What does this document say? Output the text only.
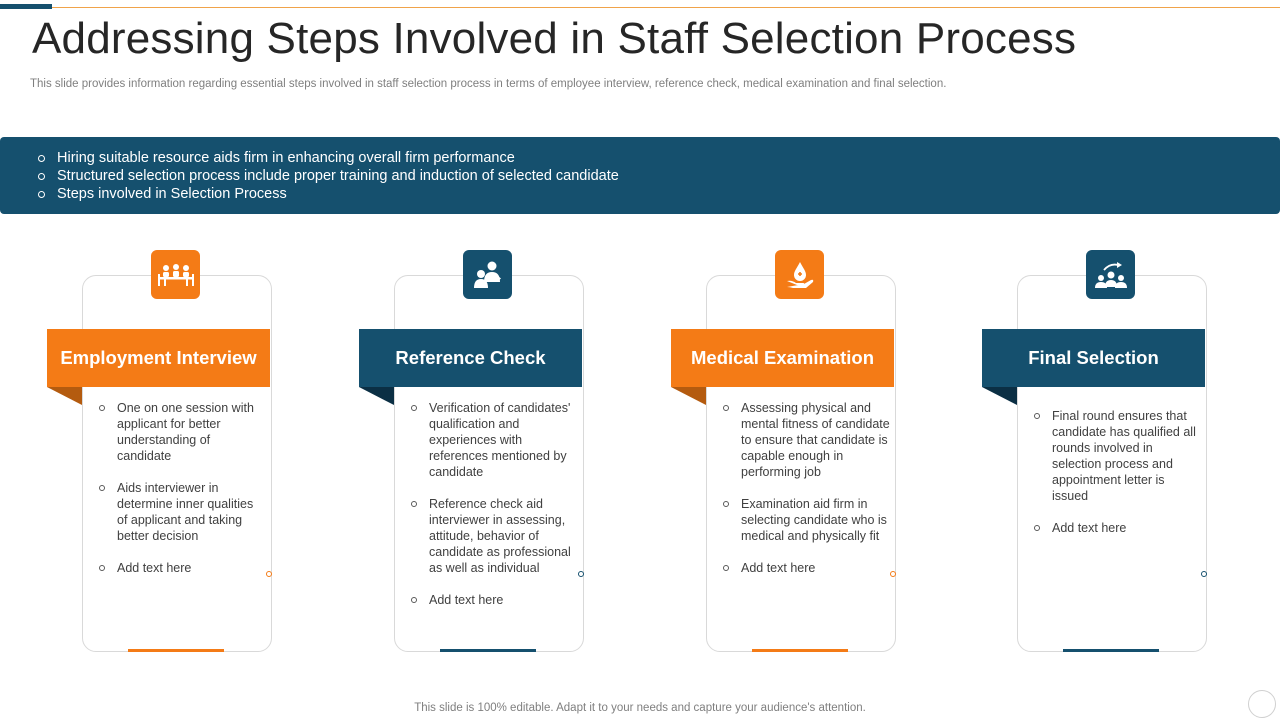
Addressing Steps Involved in Staff Selection Process

This slide provides information regarding essential steps involved in staff selection process in terms of employee interview, reference check, medical examination and final selection.

Hiring suitable resource aids firm in enhancing overall firm performance
Structured selection process include proper training and induction of selected candidate
Steps involved in Selection Process
Employment Interview
One on one session with applicant for better understanding of candidate
Aids interviewer in determine inner qualities of applicant and taking better decision
Add text here
Reference Check
Verification of candidates' qualification and experiences with references mentioned by candidate
Reference check aid interviewer in assessing, attitude, behavior of candidate as professional as well as individual
Add text here
Medical Examination
Assessing physical and mental fitness of candidate to ensure that candidate is capable enough in performing job
Examination aid firm in selecting candidate who is medical and physically fit
Add text here
Final Selection
Final round ensures that candidate has qualified all rounds involved in selection process and appointment letter is issued
Add text here
This slide is 100% editable. Adapt it to your needs and capture your audience's attention.
